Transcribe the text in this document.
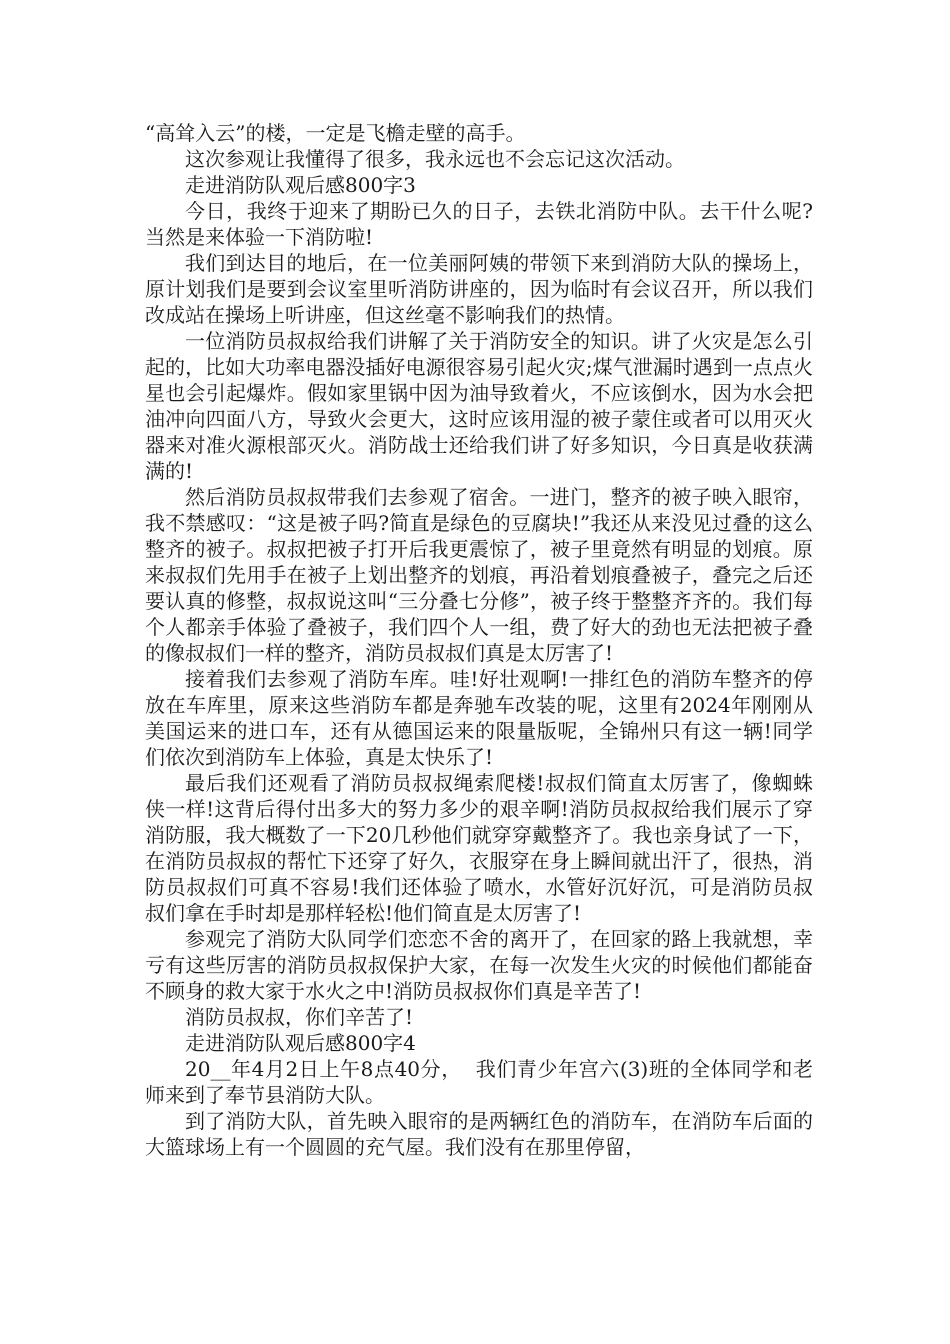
“高耸入云”的楼，一定是飞檐走壁的高手。

这次参观让我懂得了很多，我永远也不会忘记这次活动。

走进消防队观后感800字3

今日，我终于迎来了期盼已久的日子，去铁北消防中队。去干什么呢?当然是来体验一下消防啦!

我们到达目的地后，在一位美丽阿姨的带领下来到消防大队的操场上，原计划我们是要到会议室里听消防讲座的，因为临时有会议召开，所以我们改成站在操场上听讲座，但这丝毫不影响我们的热情。

一位消防员叔叔给我们讲解了关于消防安全的知识。讲了火灾是怎么引起的，比如大功率电器没插好电源很容易引起火灾;煤气泄漏时遇到一点点火星也会引起爆炸。假如家里锅中因为油导致着火，不应该倒水，因为水会把油冲向四面八方，导致火会更大，这时应该用湿的被子蒙住或者可以用灭火器来对准火源根部灭火。消防战士还给我们讲了好多知识，今日真是收获满满的!

然后消防员叔叔带我们去参观了宿舍。一进门，整齐的被子映入眼帘，我不禁感叹：“这是被子吗?简直是绿色的豆腐块!”我还从来没见过叠的这么整齐的被子。叔叔把被子打开后我更震惊了，被子里竟然有明显的划痕。原来叔叔们先用手在被子上划出整齐的划痕，再沿着划痕叠被子，叠完之后还要认真的修整，叔叔说这叫“三分叠七分修”，被子终于整整齐齐的。我们每个人都亲手体验了叠被子，我们四个人一组，费了好大的劲也无法把被子叠的像叔叔们一样的整齐，消防员叔叔们真是太厉害了!

接着我们去参观了消防车库。哇!好壮观啊!一排红色的消防车整齐的停放在车库里，原来这些消防车都是奔驰车改装的呢，这里有2024年刚刚从美国运来的进口车，还有从德国运来的限量版呢，全锦州只有这一辆!同学们依次到消防车上体验，真是太快乐了!

最后我们还观看了消防员叔叔绳索爬楼!叔叔们简直太厉害了，像蜘蛛侠一样!这背后得付出多大的努力多少的艰辛啊!消防员叔叔给我们展示了穿消防服，我大概数了一下20几秒他们就穿穿戴整齐了。我也亲身试了一下，在消防员叔叔的帮忙下还穿了好久，衣服穿在身上瞬间就出汗了，很热，消防员叔叔们可真不容易!我们还体验了喷水，水管好沉好沉，可是消防员叔叔们拿在手时却是那样轻松!他们简直是太厉害了!

参观完了消防大队同学们恋恋不舍的离开了，在回家的路上我就想，幸亏有这些厉害的消防员叔叔保护大家，在每一次发生火灾的时候他们都能奋不顾身的救大家于水火之中!消防员叔叔你们真是辛苦了!

消防员叔叔，你们辛苦了!

走进消防队观后感800字4

20__年4月2日上午8点40分，  我们青少年宫六(3)班的全体同学和老师来到了奉节县消防大队。

到了消防大队，首先映入眼帘的是两辆红色的消防车，在消防车后面的大篮球场上有一个圆圆的充气屋。我们没有在那里停留，
